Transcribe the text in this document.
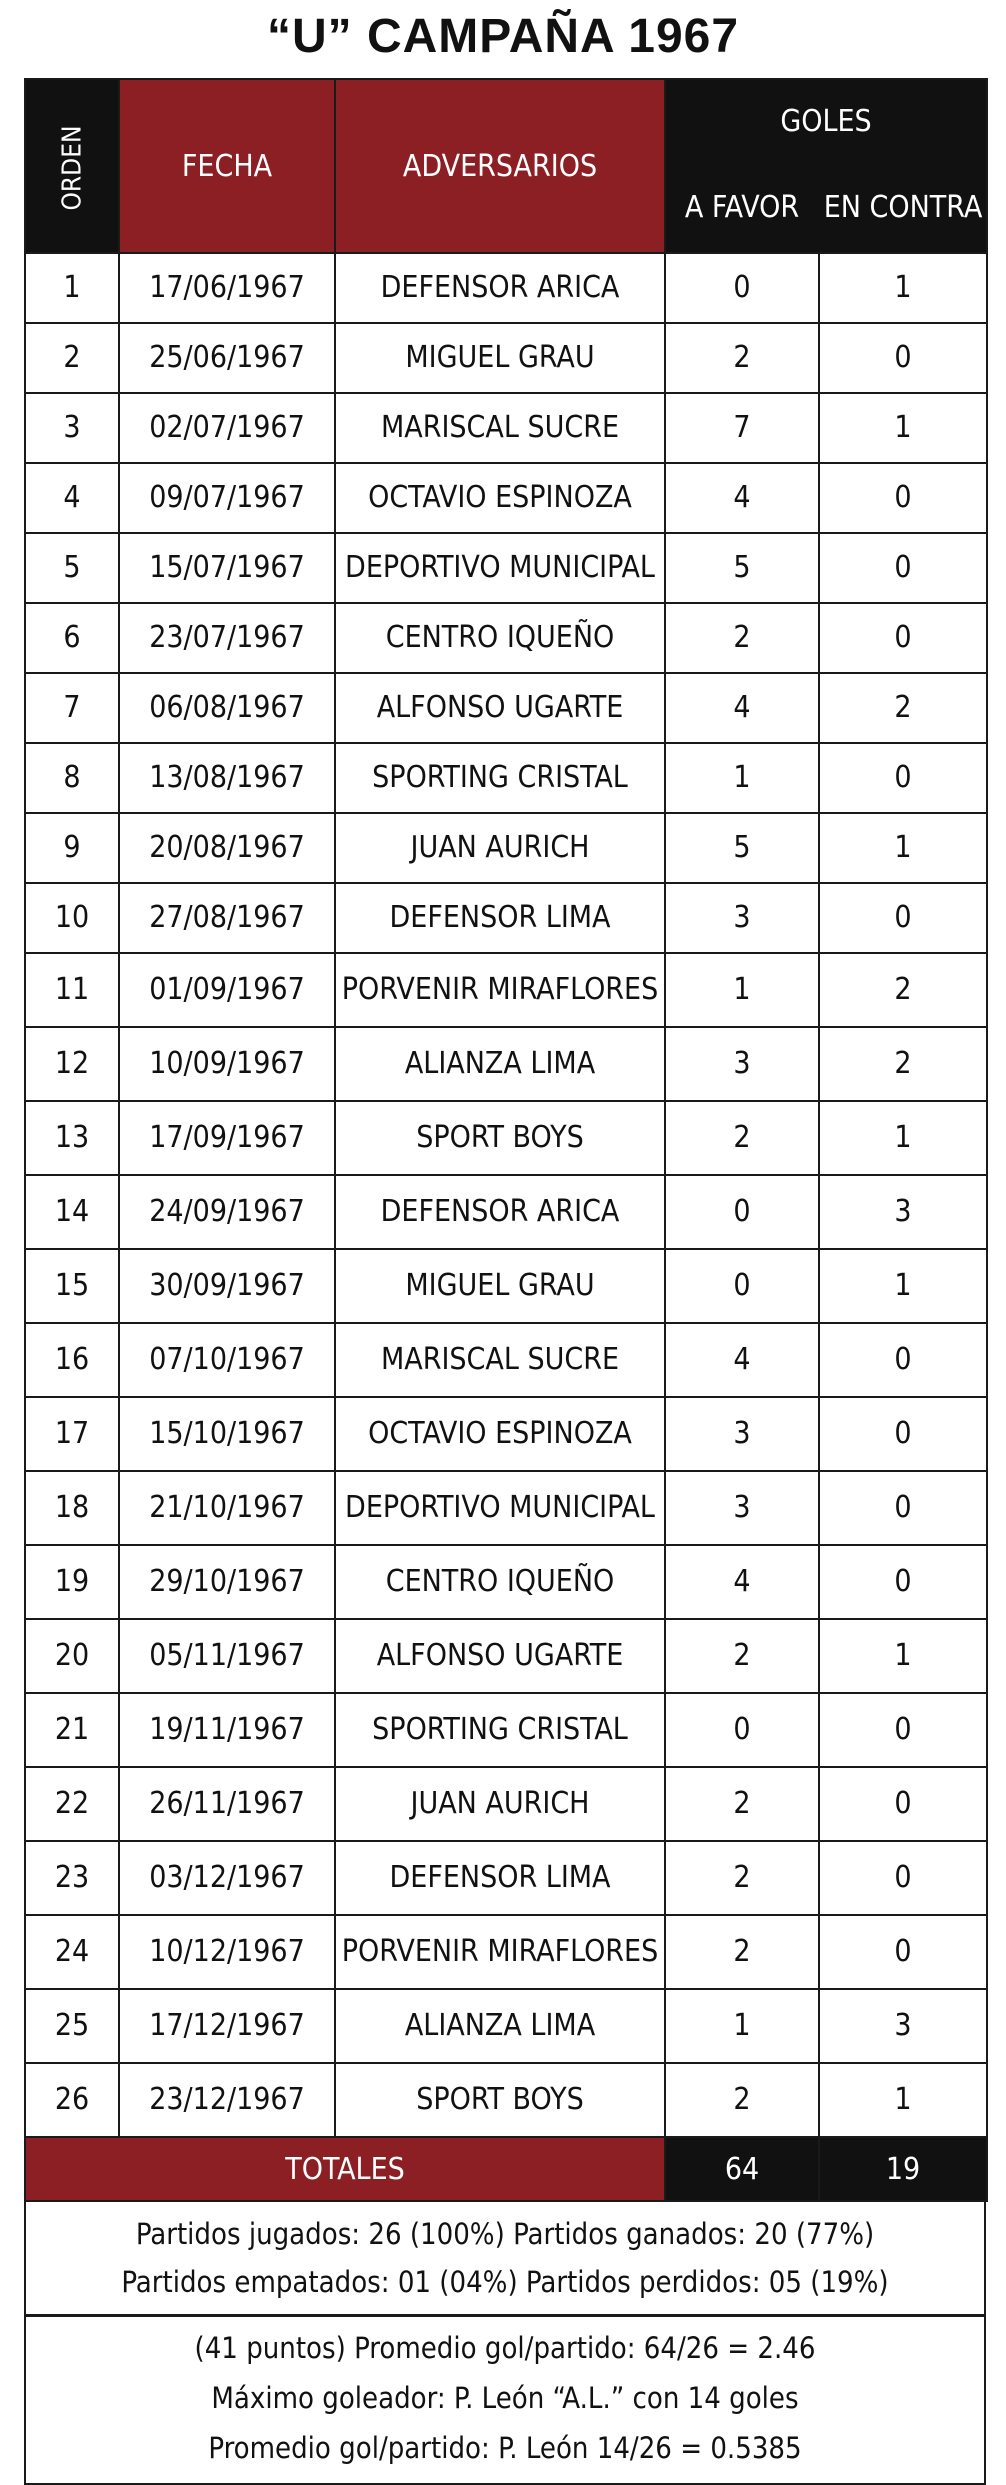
“U” CAMPAÑA 1967
ORDEN	FECHA	ADVERSARIOS	GOLES	
			A FAVOR	EN CONTRA
1	17/06/1967	DEFENSOR ARICA	0	1
2	25/06/1967	MIGUEL GRAU	2	0
3	02/07/1967	MARISCAL SUCRE	7	1
4	09/07/1967	OCTAVIO ESPINOZA	4	0
5	15/07/1967	DEPORTIVO MUNICIPAL	5	0
6	23/07/1967	CENTRO IQUEÑO	2	0
7	06/08/1967	ALFONSO UGARTE	4	2
8	13/08/1967	SPORTING CRISTAL	1	0
9	20/08/1967	JUAN AURICH	5	1
10	27/08/1967	DEFENSOR LIMA	3	0
11	01/09/1967	PORVENIR MIRAFLORES	1	2
12	10/09/1967	ALIANZA LIMA	3	2
13	17/09/1967	SPORT BOYS	2	1
14	24/09/1967	DEFENSOR ARICA	0	3
15	30/09/1967	MIGUEL GRAU	0	1
16	07/10/1967	MARISCAL SUCRE	4	0
17	15/10/1967	OCTAVIO ESPINOZA	3	0
18	21/10/1967	DEPORTIVO MUNICIPAL	3	0
19	29/10/1967	CENTRO IQUEÑO	4	0
20	05/11/1967	ALFONSO UGARTE	2	1
21	19/11/1967	SPORTING CRISTAL	0	0
22	26/11/1967	JUAN AURICH	2	0
23	03/12/1967	DEFENSOR LIMA	2	0
24	10/12/1967	PORVENIR MIRAFLORES	2	0
25	17/12/1967	ALIANZA LIMA	1	3
26	23/12/1967	SPORT BOYS	2	1
TOTALES			64	19
Partidos jugados: 26 (100%) Partidos ganados: 20 (77%)
Partidos empatados: 01 (04%) Partidos perdidos: 05 (19%)
(41 puntos) Promedio gol/partido: 64/26 = 2.46
Máximo goleador: P. León “A.L.” con 14 goles
Promedio gol/partido: P. León 14/26 = 0.5385
